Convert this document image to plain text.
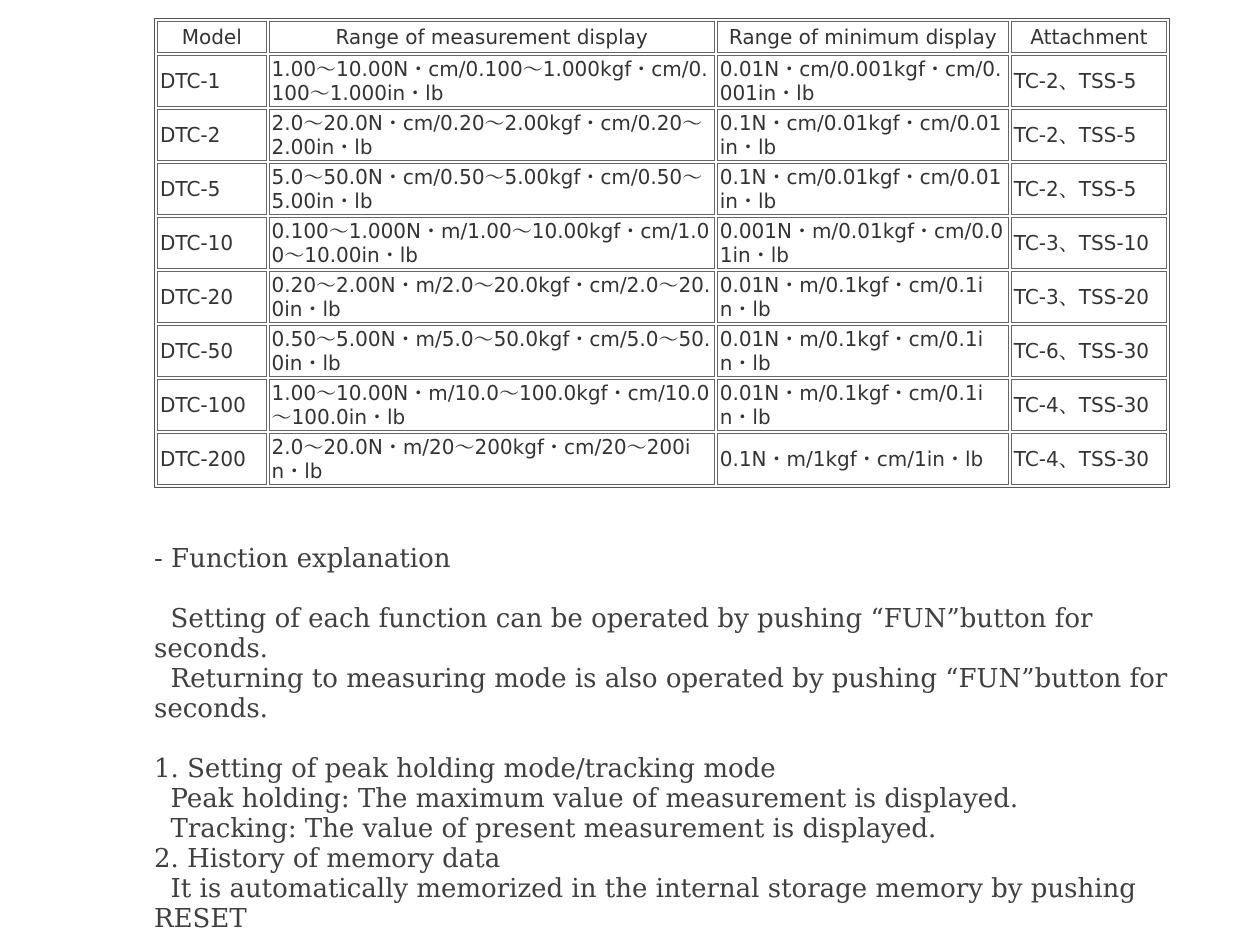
Model	Range of measurement display	Range of minimum display	Attachment
DTC-1	1.00～10.00N・cm/0.100～1.000kgf・cm/0.100～1.000in・lb	0.01N・cm/0.001kgf・cm/0.001in・lb	TC-2、TSS-5
DTC-2	2.0～20.0N・cm/0.20～2.00kgf・cm/0.20～2.00in・lb	0.1N・cm/0.01kgf・cm/0.01in・lb	TC-2、TSS-5
DTC-5	5.0～50.0N・cm/0.50～5.00kgf・cm/0.50～5.00in・lb	0.1N・cm/0.01kgf・cm/0.01in・lb	TC-2、TSS-5
DTC-10	0.100～1.000N・m/1.00～10.00kgf・cm/1.00～10.00in・lb	0.001N・m/0.01kgf・cm/0.01in・lb	TC-3、TSS-10
DTC-20	0.20～2.00N・m/2.0～20.0kgf・cm/2.0～20.0in・lb	0.01N・m/0.1kgf・cm/0.1in・lb	TC-3、TSS-20
DTC-50	0.50～5.00N・m/5.0～50.0kgf・cm/5.0～50.0in・lb	0.01N・m/0.1kgf・cm/0.1in・lb	TC-6、TSS-30
DTC-100	1.00～10.00N・m/10.0～100.0kgf・cm/10.0～100.0in・lb	0.01N・m/0.1kgf・cm/0.1in・lb	TC-4、TSS-30
DTC-200	2.0～20.0N・m/20～200kgf・cm/20～200in・lb	0.1N・m/1kgf・cm/1in・lb	TC-4、TSS-30
- Function explanation
Setting of each function can be operated by pushing “FUN”button for seconds.
Returning to measuring mode is also operated by pushing “FUN”button for seconds.
1. Setting of peak holding mode/tracking mode
Peak holding: The maximum value of measurement is displayed.
Tracking: The value of present measurement is displayed.
2. History of memory data
It is automatically memorized in the internal storage memory by pushing RESET
